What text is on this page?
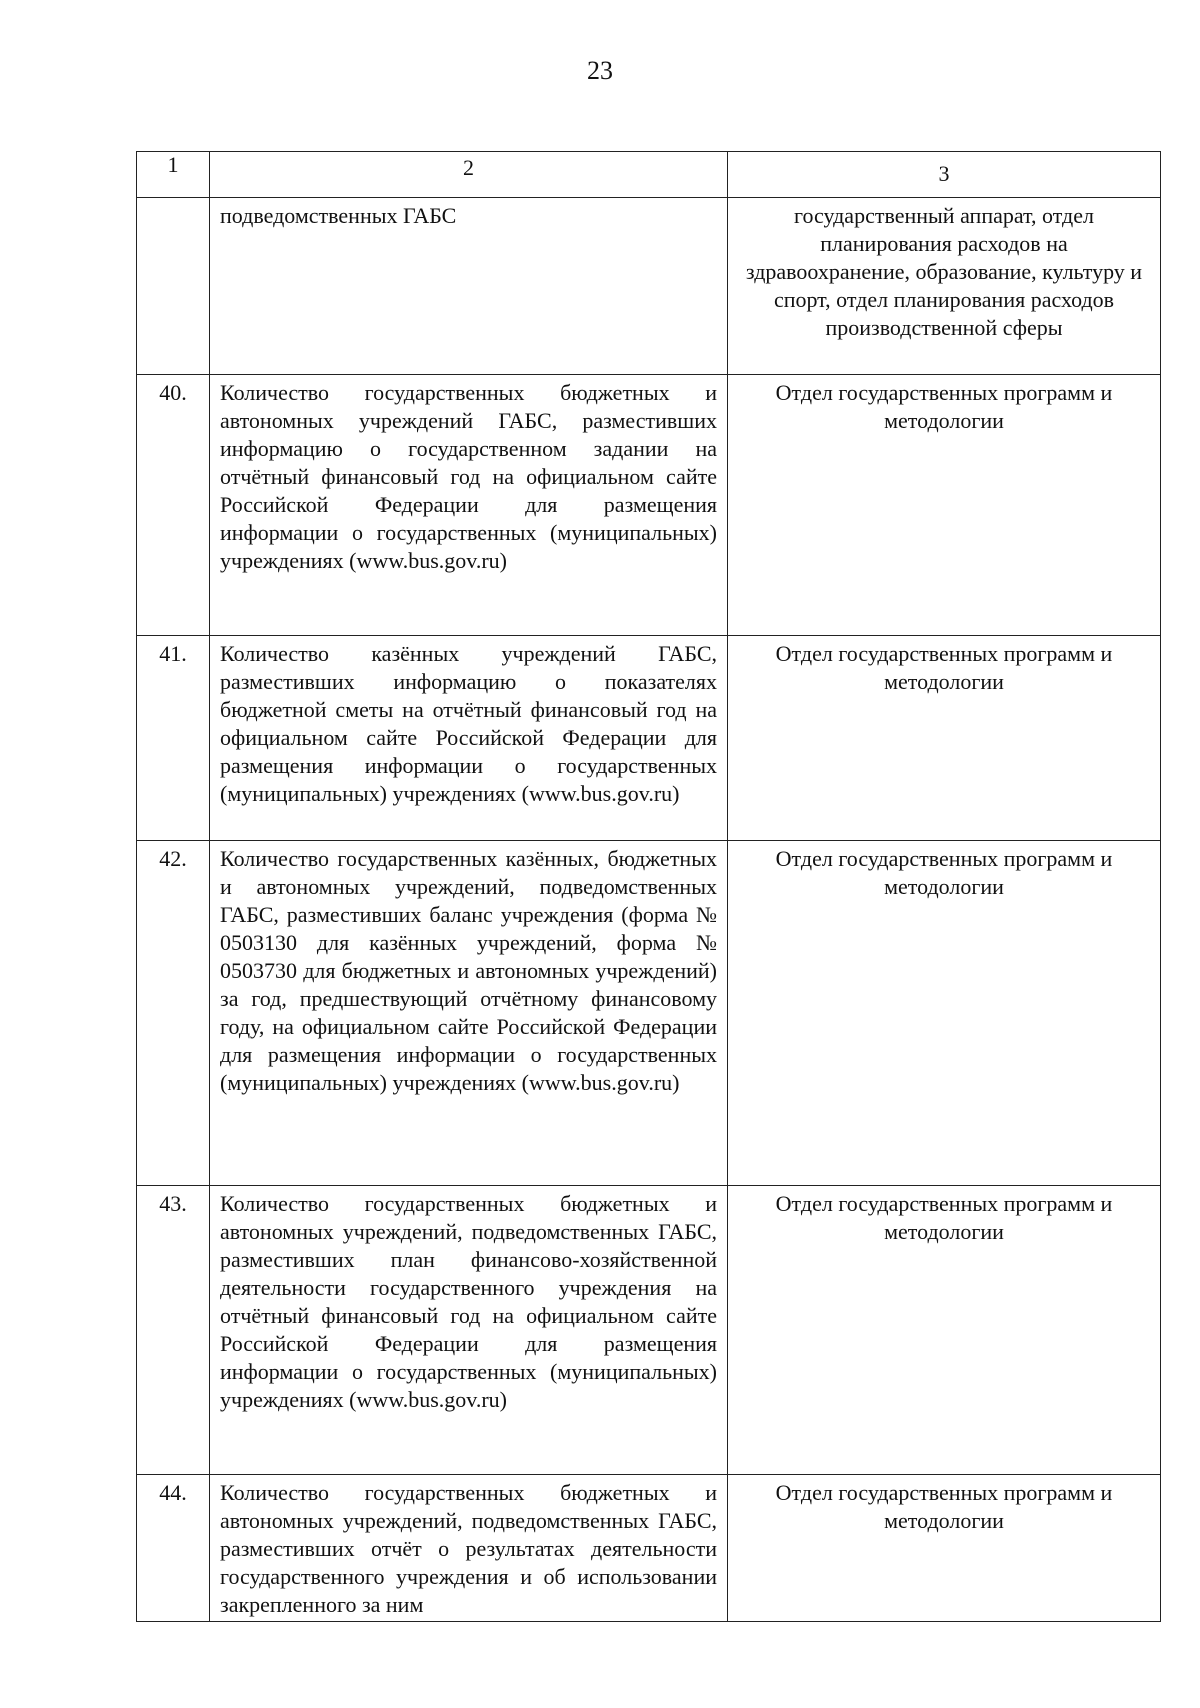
23
1	2	3
	подведомственных ГАБС	государственный аппарат, отдел планирования расходов на здравоохранение, образование, культуру и спорт, отдел планирования расходов производственной сферы
40.	Количество государственных бюджетных и автономных учреждений ГАБС, разместивших информацию о государственном задании на отчётный финансовый год на официальном сайте Российской Федерации для размещения информации о государственных (муниципальных) учреждениях (www.bus.gov.ru)	Отдел государственных программ и методологии
41.	Количество казённых учреждений ГАБС, разместивших информацию о показателях бюджетной сметы на отчётный финансовый год на официальном сайте Российской Федерации для размещения информации о государственных (муниципальных) учреждениях (www.bus.gov.ru)	Отдел государственных программ и методологии
42.	Количество государственных казённых, бюджетных и автономных учреждений, подведомственных ГАБС, разместивших баланс учреждения (форма № 0503130 для казённых учреждений, форма № 0503730 для бюджетных и автономных учреждений) за год, предшествующий отчётному финансовому году, на официальном сайте Российской Федерации для размещения информации о государственных (муниципальных) учреждениях (www.bus.gov.ru)	Отдел государственных программ и методологии
43.	Количество государственных бюджетных и автономных учреждений, подведомственных ГАБС, разместивших план финансово-хозяйственной деятельности государственного учреждения на отчётный финансовый год на официальном сайте Российской Федерации для размещения информации о государственных (муниципальных) учреждениях (www.bus.gov.ru)	Отдел государственных программ и методологии
44.	Количество государственных бюджетных и автономных учреждений, подведомственных ГАБС, разместивших отчёт о результатах деятельности государственного учреждения и об использовании закрепленного за ним	Отдел государственных программ и методологии
